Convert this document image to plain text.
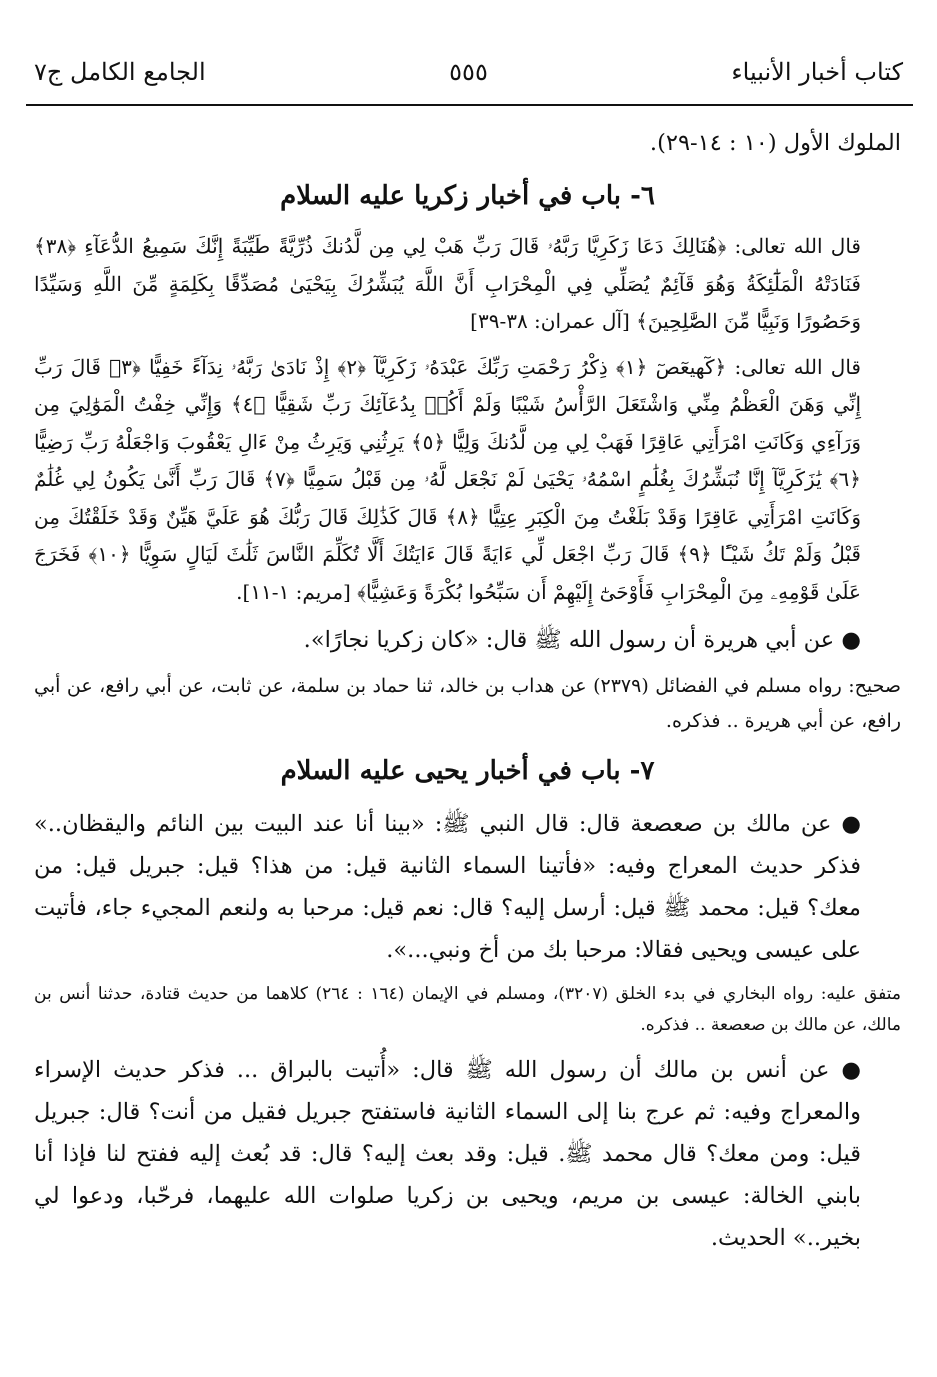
كتاب أخبار الأنبياء
٥٥٥
الجامع الكامل ج٧

الملوك الأول (١٠ : ١٤-٢٩).

٦- باب في أخبار زكريا عليه السلام

قال الله تعالى: ﴿هُنَالِكَ دَعَا زَكَرِيَّا رَبَّهُۥ قَالَ رَبِّ هَبْ لِي مِن لَّدُنكَ ذُرِّيَّةً طَيِّبَةً إِنَّكَ سَمِيعُ الدُّعَآءِ ﴿٣٨﴾ فَنَادَتْهُ الْمَلَٰٓئِكَةُ وَهُوَ قَآئِمٌ يُصَلِّي فِي الْمِحْرَابِ أَنَّ اللَّهَ يُبَشِّرُكَ بِيَحْيَىٰ مُصَدِّقًا بِكَلِمَةٍ مِّنَ اللَّهِ وَسَيِّدًا وَحَصُورًا وَنَبِيًّا مِّنَ الصَّٰلِحِينَ﴾ [آل عمران: ٣٨-٣٩]

قال الله تعالى: ﴿كٓهيعٓصٓ ﴿١﴾ ذِكْرُ رَحْمَتِ رَبِّكَ عَبْدَهُۥ زَكَرِيَّآ ﴿٢﴾ إِذْ نَادَىٰ رَبَّهُۥ نِدَآءً خَفِيًّا ﴿٣﴾ قَالَ رَبِّ إِنِّي وَهَنَ الْعَظْمُ مِنِّي وَاشْتَعَلَ الرَّأْسُ شَيْبًا وَلَمْ أَكُنۢ بِدُعَآئِكَ رَبِّ شَقِيًّا ﴿٤﴾ وَإِنِّي خِفْتُ الْمَوَٰلِيَ مِن وَرَآءِي وَكَانَتِ امْرَأَتِي عَاقِرًا فَهَبْ لِي مِن لَّدُنكَ وَلِيًّا ﴿٥﴾ يَرِثُنِي وَيَرِثُ مِنْ ءَالِ يَعْقُوبَ وَاجْعَلْهُ رَبِّ رَضِيًّا ﴿٦﴾ يَٰزَكَرِيَّآ إِنَّا نُبَشِّرُكَ بِغُلَٰمٍ اسْمُهُۥ يَحْيَىٰ لَمْ نَجْعَل لَّهُۥ مِن قَبْلُ سَمِيًّا ﴿٧﴾ قَالَ رَبِّ أَنَّىٰ يَكُونُ لِي غُلَٰمٌ وَكَانَتِ امْرَأَتِي عَاقِرًا وَقَدْ بَلَغْتُ مِنَ الْكِبَرِ عِتِيًّا ﴿٨﴾ قَالَ كَذَٰلِكَ قَالَ رَبُّكَ هُوَ عَلَيَّ هَيِّنٌ وَقَدْ خَلَقْتُكَ مِن قَبْلُ وَلَمْ تَكُ شَيْـًٔا ﴿٩﴾ قَالَ رَبِّ اجْعَل لِّي ءَايَةً قَالَ ءَايَتُكَ أَلَّا تُكَلِّمَ النَّاسَ ثَلَٰثَ لَيَالٍ سَوِيًّا ﴿١٠﴾ فَخَرَجَ عَلَىٰ قَوْمِهِۦ مِنَ الْمِحْرَابِ فَأَوْحَىٰٓ إِلَيْهِمْ أَن سَبِّحُوا بُكْرَةً وَعَشِيًّا﴾ [مريم: ١-١١].

● عن أبي هريرة أن رسول الله ﷺ قال: «كان زكريا نجارًا».

صحيح: رواه مسلم في الفضائل (٢٣٧٩) عن هداب بن خالد، ثنا حماد بن سلمة، عن ثابت، عن أبي رافع، عن أبي رافع، عن أبي هريرة .. فذكره.

٧- باب في أخبار يحيى عليه السلام

● عن مالك بن صعصعة قال: قال النبي ﷺ: «بينا أنا عند البيت بين النائم واليقظان..» فذكر حديث المعراج وفيه: «فأتينا السماء الثانية قيل: من هذا؟ قيل: جبريل قيل: من معك؟ قيل: محمد ﷺ قيل: أرسل إليه؟ قال: نعم قيل: مرحبا به ولنعم المجيء جاء، فأتيت على عيسى ويحيى فقالا: مرحبا بك من أخ ونبي...».

متفق عليه: رواه البخاري في بدء الخلق (٣٢٠٧)، ومسلم في الإيمان (١٦٤ : ٢٦٤) كلاهما من حديث قتادة، حدثنا أنس بن مالك، عن مالك بن صعصعة .. فذكره.

● عن أنس بن مالك أن رسول الله ﷺ قال: «أُتيت بالبراق ... فذكر حديث الإسراء والمعراج وفيه: ثم عرج بنا إلى السماء الثانية فاستفتح جبريل فقيل من أنت؟ قال: جبريل قيل: ومن معك؟ قال محمد ﷺ. قيل: وقد بعث إليه؟ قال: قد بُعث إليه ففتح لنا فإذا أنا بابني الخالة: عيسى بن مريم، ويحيى بن زكريا صلوات الله عليهما، فرحّبا، ودعوا لي بخير..» الحديث.
